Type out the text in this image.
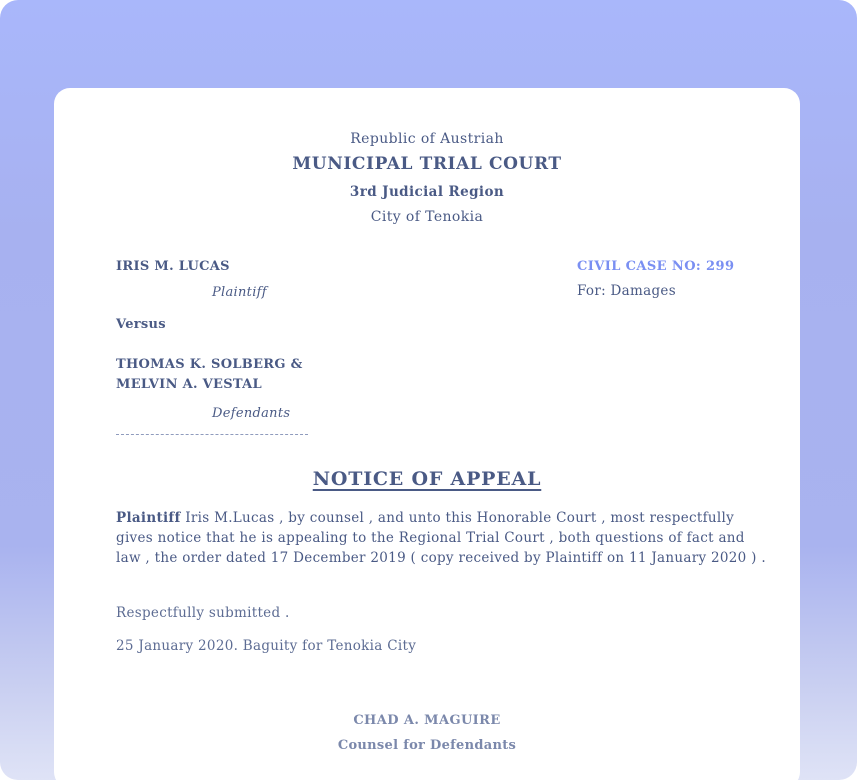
Republic of Austriah
MUNICIPAL TRIAL COURT
3rd Judicial Region
City of Tenokia
IRIS M. LUCAS
Plaintiff
Versus
THOMAS K. SOLBERG &
MELVIN A. VESTAL
Defendants
CIVIL CASE NO: 299
For: Damages
NOTICE OF APPEAL
Plaintiff Iris M.Lucas , by counsel , and unto this Honorable Court , most respectfully gives notice that he is appealing to the Regional Trial Court , both questions of fact and law , the order dated 17 December 2019 ( copy received by Plaintiff on 11 January 2020 ) .
Respectfully submitted .
25 January 2020. Baguity for Tenokia City
CHAD A. MAGUIRE
Counsel for Defendants
